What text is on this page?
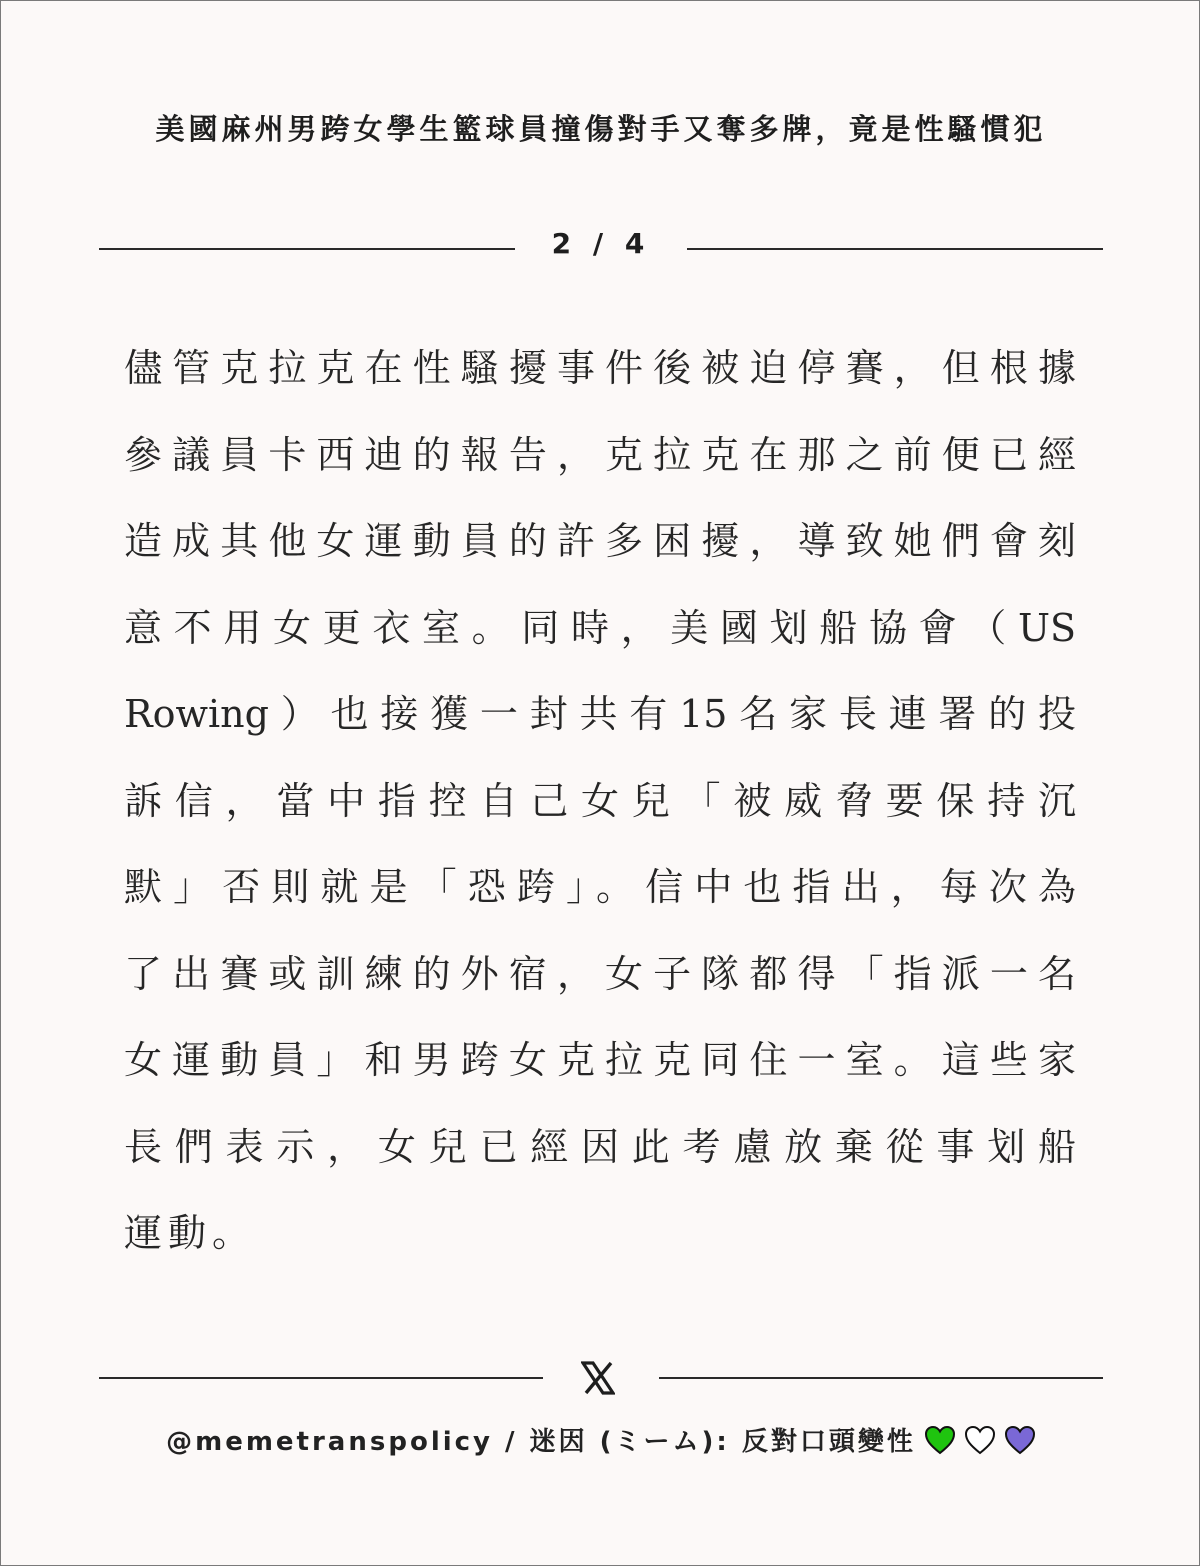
美國麻州男跨女學生籃球員撞傷對手又奪多牌，竟是性騷慣犯
2 / 4
儘管克拉克在性騷擾事件後被迫停賽，但根據
參議員卡西迪的報告，克拉克在那之前便已經
造成其他女運動員的許多困擾，導致她們會刻
意不用女更衣室。同時，美國划船協會（US
Rowing）也接獲一封共有15名家長連署的投
訴信，當中指控自己女兒「被威脅要保持沉
默」否則就是「恐跨」。信中也指出，每次為
了出賽或訓練的外宿，女子隊都得「指派一名
女運動員」和男跨女克拉克同住一室。這些家
長們表示，女兒已經因此考慮放棄從事划船
運動。
@memetranspolicy / 迷因 (ミーム): 反對口頭變性
